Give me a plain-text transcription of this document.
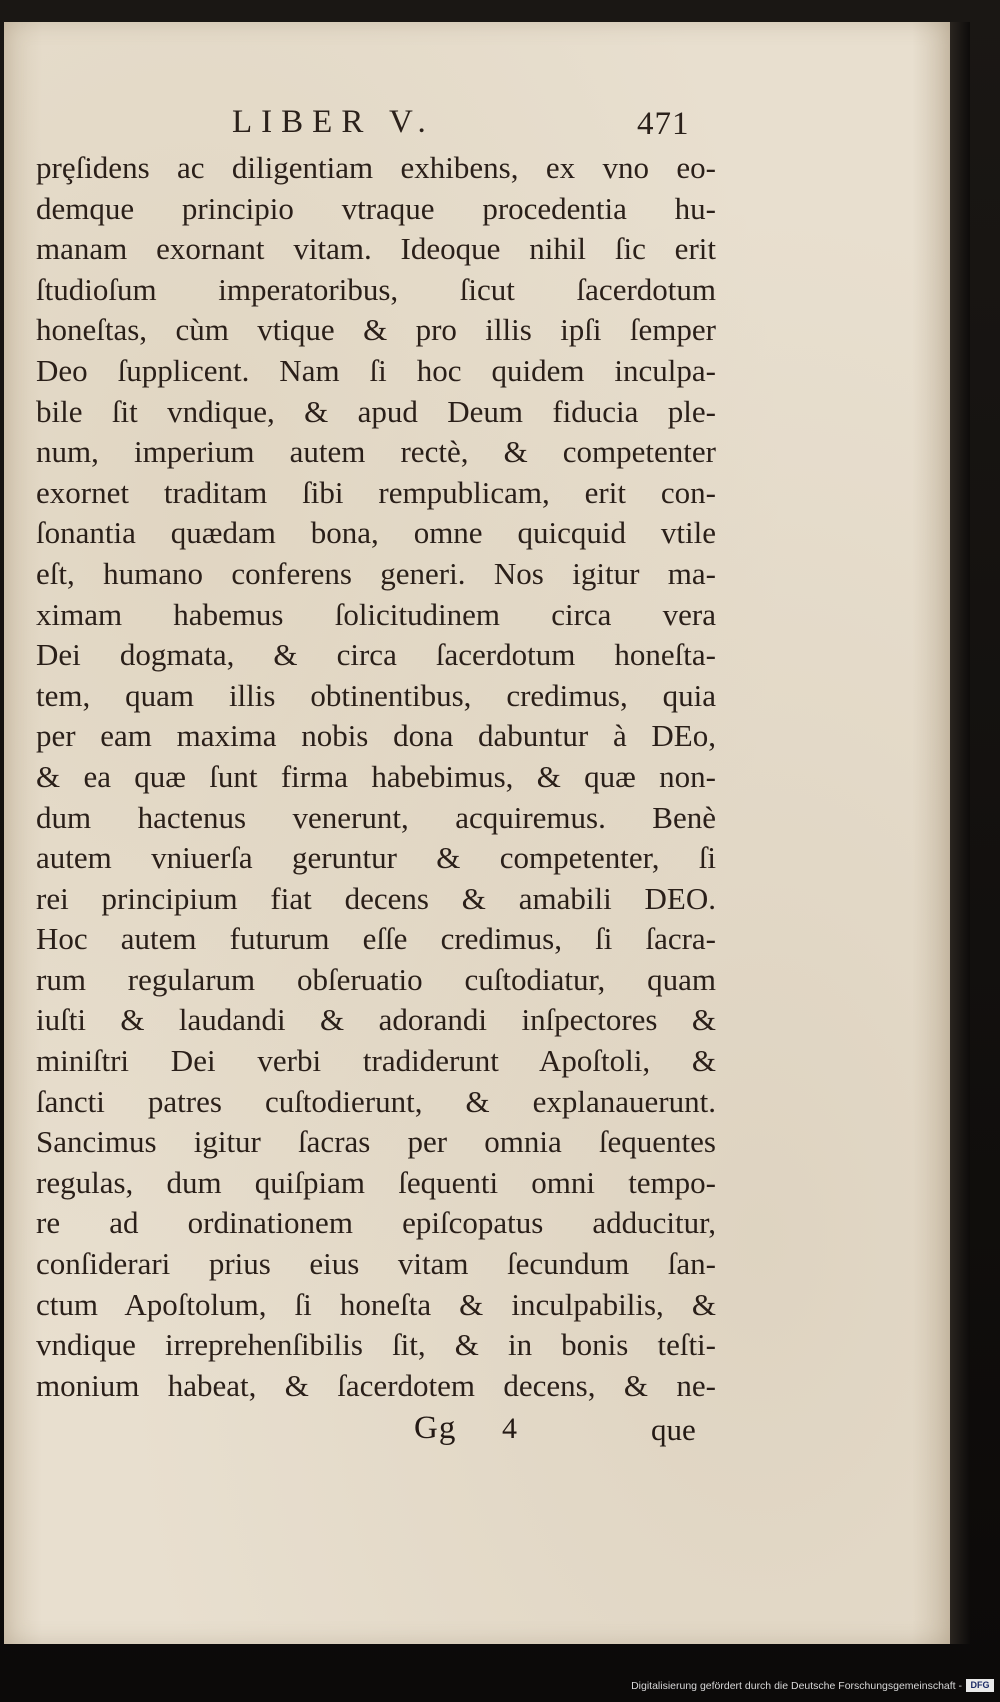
LIBER V.	471
prȩſidens ac diligentiam exhibens, ex vno eo-
demque principio vtraque procedentia hu-
manam exornant vitam. Ideoque nihil ſic erit
ſtudioſum imperatoribus, ſicut ſacerdotum
honeſtas, cùm vtique & pro illis ipſi ſemper
Deo ſupplicent. Nam ſi hoc quidem inculpa-
bile ſit vndique, & apud Deum fiducia ple-
num, imperium autem rectè, & competenter
exornet traditam ſibi rempublicam, erit con-
ſonantia quædam bona, omne quicquid vtile
eſt, humano conferens generi. Nos igitur ma-
ximam habemus ſolicitudinem circa vera
Dei dogmata, & circa ſacerdotum honeſta-
tem, quam illis obtinentibus, credimus, quia
per eam maxima nobis dona dabuntur à DEo,
& ea quæ ſunt firma habebimus, & quæ non-
dum hactenus venerunt, acquiremus. Benè
autem vniuerſa geruntur & competenter, ſi
rei principium fiat decens & amabili DEO.
Hoc autem futurum eſſe credimus, ſi ſacra-
rum regularum obſeruatio cuſtodiatur, quam
iuſti & laudandi & adorandi inſpectores &
miniſtri Dei verbi tradiderunt Apoſtoli, &
ſancti patres cuſtodierunt, & explanauerunt.
Sancimus igitur ſacras per omnia ſequentes
regulas, dum quiſpiam ſequenti omni tempo-
re ad ordinationem epiſcopatus adducitur,
conſiderari prius eius vitam ſecundum ſan-
ctum Apoſtolum, ſi honeſta & inculpabilis, &
vndique irreprehenſibilis ſit, & in bonis teſti-
monium habeat, & ſacerdotem decens, & ne-
Gg 4	que
Digitalisierung gefördert durch die Deutsche Forschungsgemeinschaft - DFG
